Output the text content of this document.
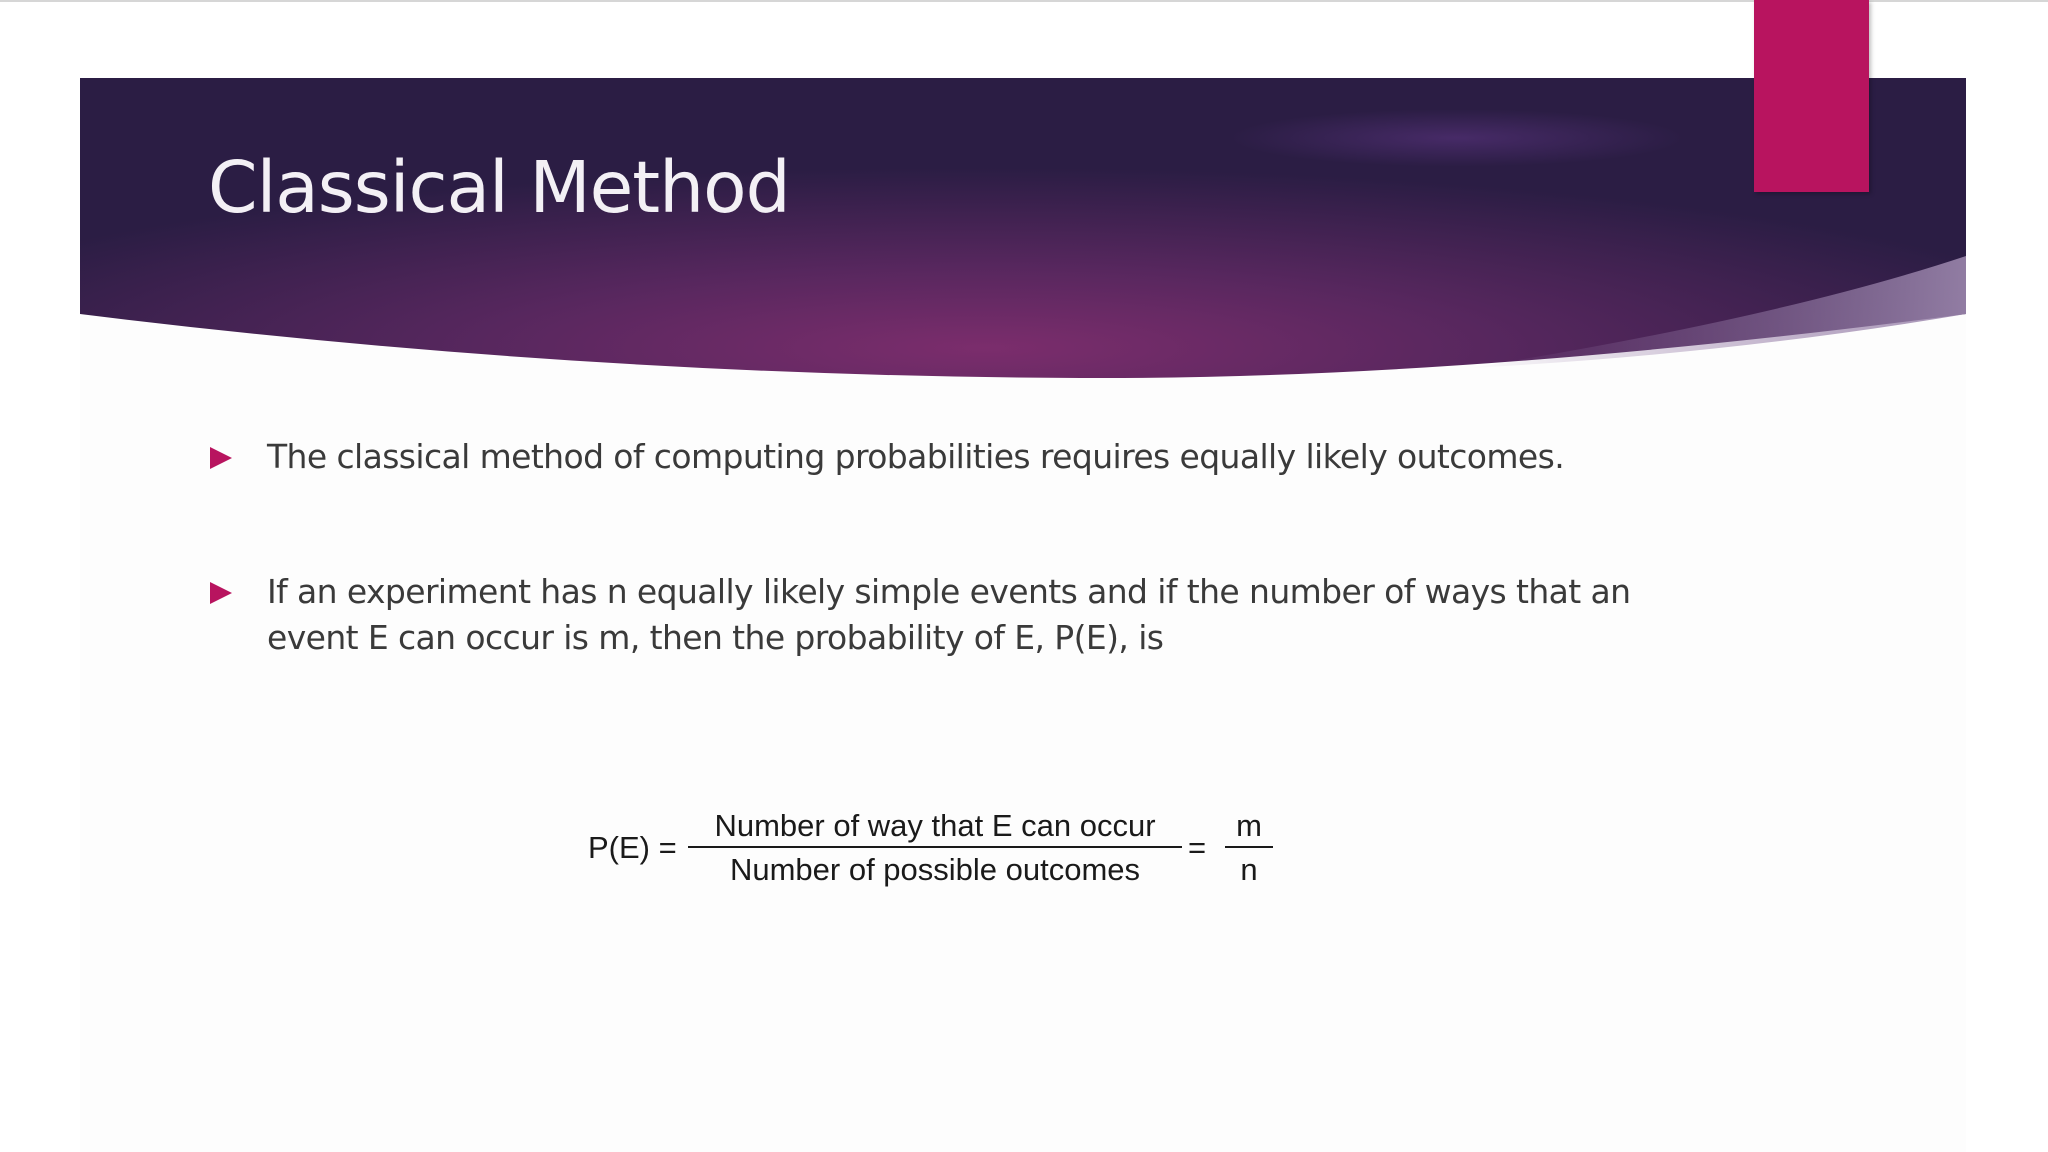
Classical Method
The classical method of computing probabilities requires equally likely outcomes.
If an experiment has n equally likely simple events and if the number of ways that an event E can occur is m, then the probability of E, P(E), is
P(E) =
Number of way that E can occur
Number of possible outcomes
= $\frac{m}{n}$
